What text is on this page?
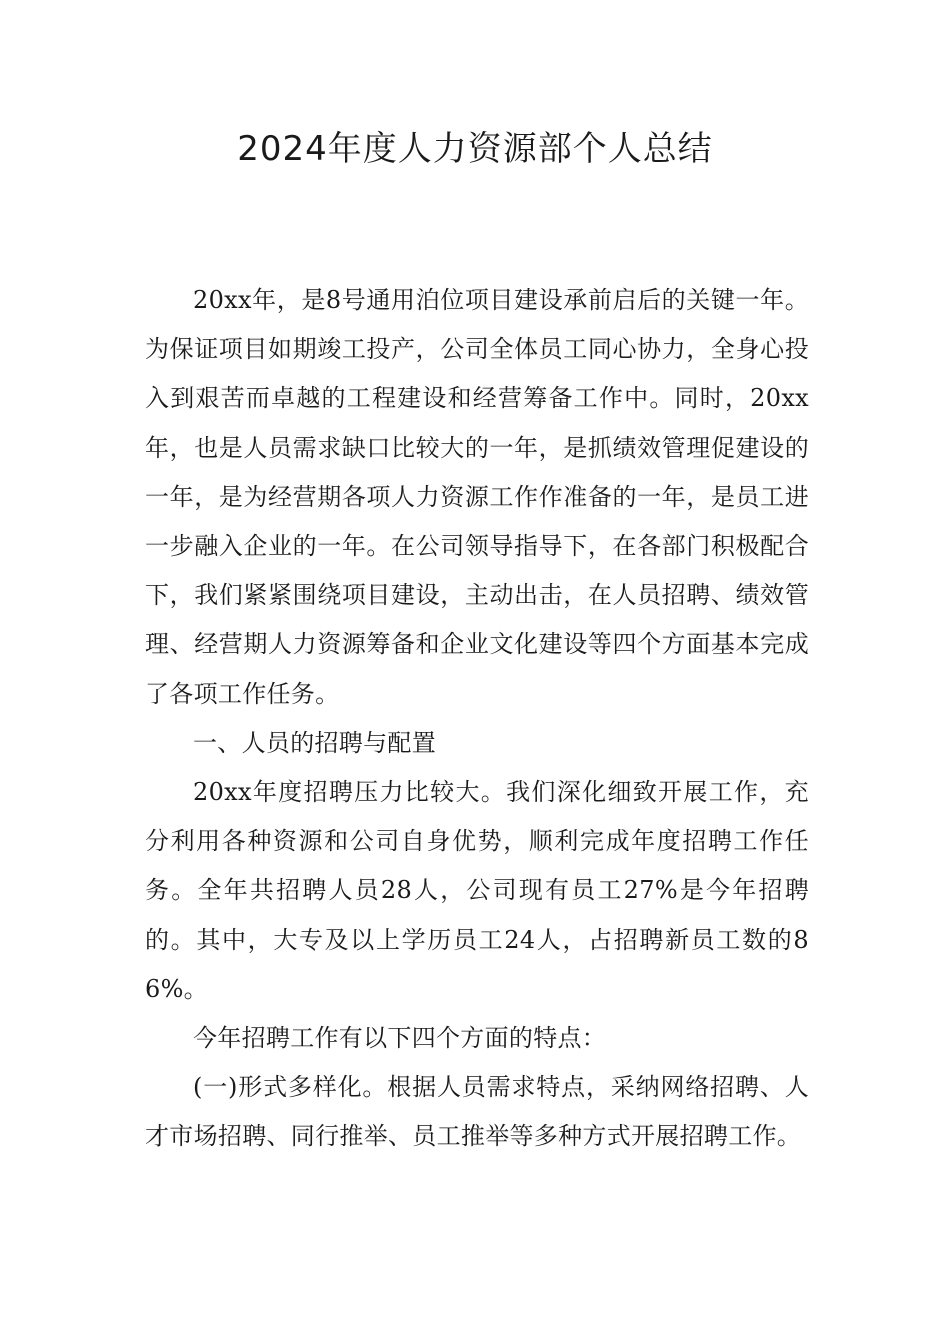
2024年度人力资源部个人总结

20xx年，是8号通用泊位项目建设承前启后的关键一年。为保证项目如期竣工投产，公司全体员工同心协力，全身心投入到艰苦而卓越的工程建设和经营筹备工作中。同时，20xx年，也是人员需求缺口比较大的一年，是抓绩效管理促建设的一年，是为经营期各项人力资源工作作准备的一年，是员工进一步融入企业的一年。在公司领导指导下，在各部门积极配合下，我们紧紧围绕项目建设，主动出击，在人员招聘、绩效管理、经营期人力资源筹备和企业文化建设等四个方面基本完成了各项工作任务。

一、人员的招聘与配置

20xx年度招聘压力比较大。我们深化细致开展工作，充分利用各种资源和公司自身优势，顺利完成年度招聘工作任务。全年共招聘人员28人，公司现有员工27%是今年招聘的。其中，大专及以上学历员工24人，占招聘新员工数的86%。

今年招聘工作有以下四个方面的特点：

(一)形式多样化。根据人员需求特点，采纳网络招聘、人才市场招聘、同行推举、员工推举等多种方式开展招聘工作。
